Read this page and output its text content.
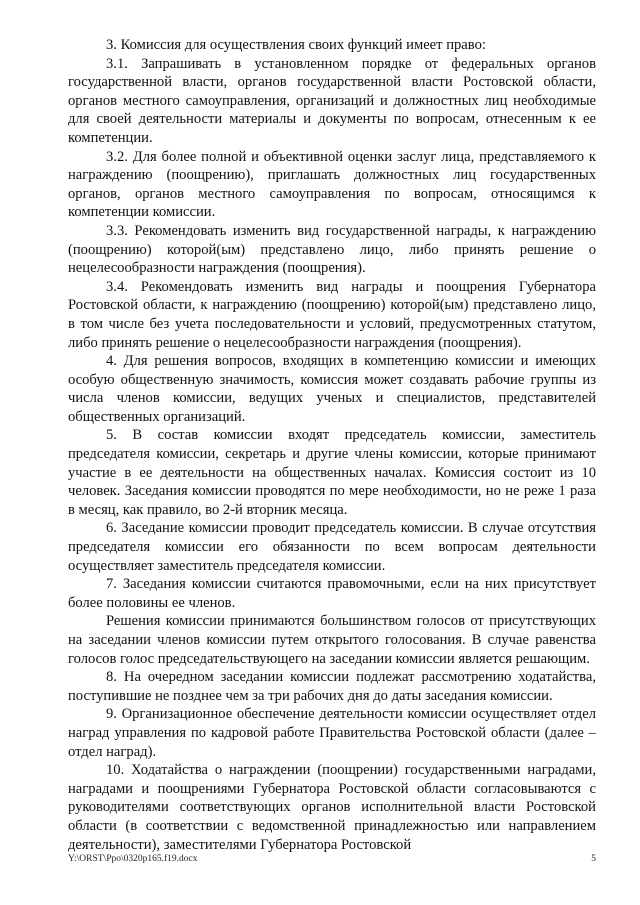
3. Комиссия для осуществления своих функций имеет право:

3.1. Запрашивать в установленном порядке от федеральных органов государственной власти, органов государственной власти Ростовской области, органов местного самоуправления, организаций и должностных лиц необходимые для своей деятельности материалы и документы по вопросам, отнесенным к ее компетенции.

3.2. Для более полной и объективной оценки заслуг лица, представляемого к награждению (поощрению), приглашать должностных лиц государственных органов, органов местного самоуправления по вопросам, относящимся к компетенции комиссии.

3.3. Рекомендовать изменить вид государственной награды, к награждению (поощрению) которой(ым) представлено лицо, либо принять решение о нецелесообразности награждения (поощрения).

3.4. Рекомендовать изменить вид награды и поощрения Губернатора Ростовской области, к награждению (поощрению) которой(ым) представлено лицо, в том числе без учета последовательности и условий, предусмотренных статутом, либо принять решение о нецелесообразности награждения (поощрения).

4. Для решения вопросов, входящих в компетенцию комиссии и имеющих особую общественную значимость, комиссия может создавать рабочие группы из числа членов комиссии, ведущих ученых и специалистов, представителей общественных организаций.

5. В состав комиссии входят председатель комиссии, заместитель председателя комиссии, секретарь и другие члены комиссии, которые принимают участие в ее деятельности на общественных началах. Комиссия состоит из 10 человек. Заседания комиссии проводятся по мере необходимости, но не реже 1 раза в месяц, как правило, во 2-й вторник месяца.

6. Заседание комиссии проводит председатель комиссии. В случае отсутствия председателя комиссии его обязанности по всем вопросам деятельности осуществляет заместитель председателя комиссии.

7. Заседания комиссии считаются правомочными, если на них присутствует более половины ее членов.

Решения комиссии принимаются большинством голосов от присутствующих на заседании членов комиссии путем открытого голосования. В случае равенства голосов голос председательствующего на заседании комиссии является решающим.

8. На очередном заседании комиссии подлежат рассмотрению ходатайства, поступившие не позднее чем за три рабочих дня до даты заседания комиссии.

9. Организационное обеспечение деятельности комиссии осуществляет отдел наград управления по кадровой работе Правительства Ростовской области (далее – отдел наград).

10. Ходатайства о награждении (поощрении) государственными наградами, наградами и поощрениями Губернатора Ростовской области согласовываются с руководителями соответствующих органов исполнительной власти Ростовской области (в соответствии с ведомственной принадлежностью или направлением деятельности), заместителями Губернатора Ростовской

Y:\ORST\Ppo\0320p165.f19.docx	5
